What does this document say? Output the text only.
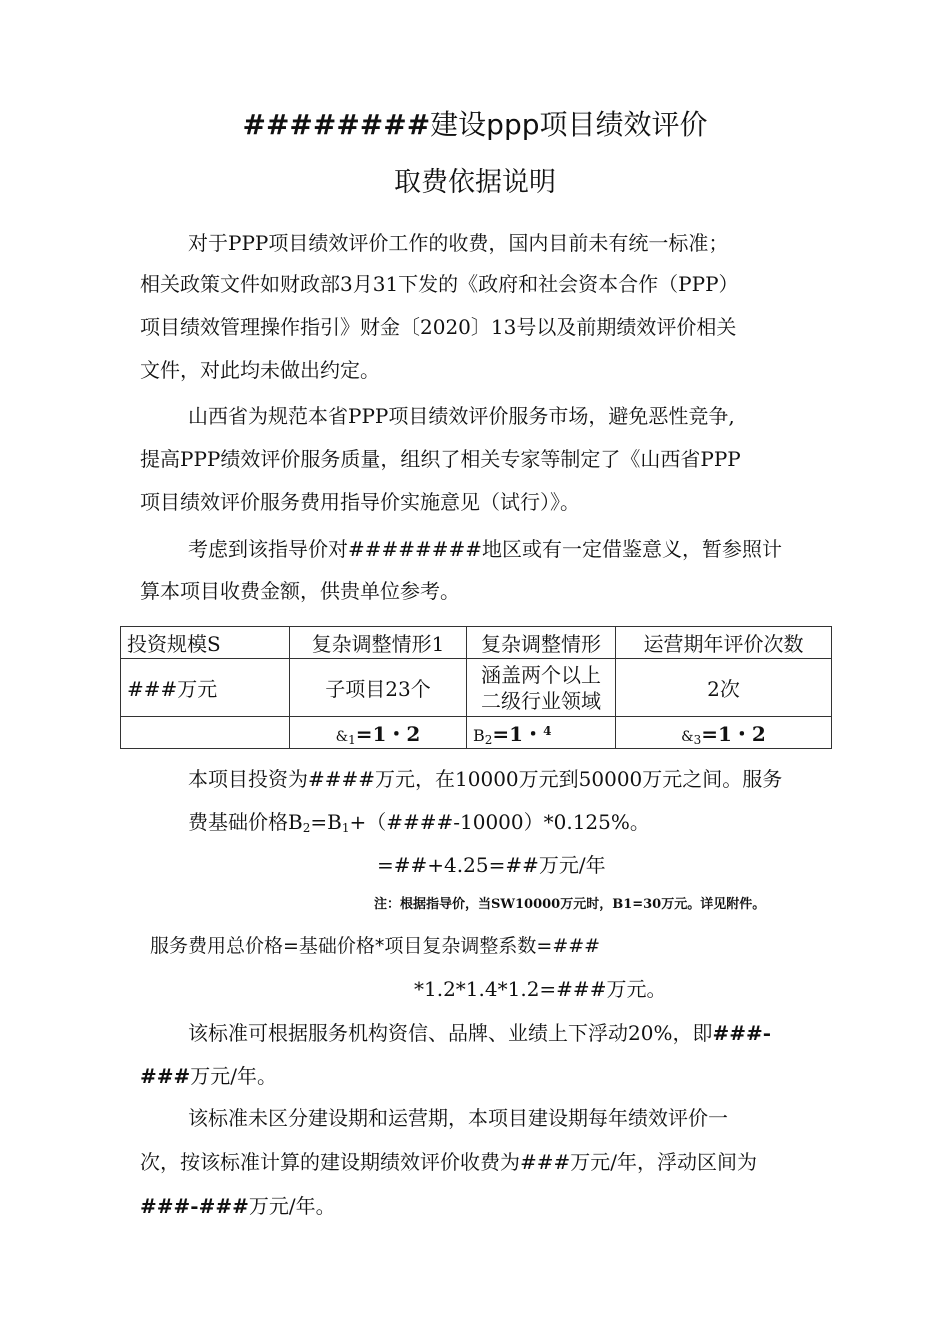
########建设ppp项目绩效评价
取费依据说明
对于PPP项目绩效评价工作的收费，国内目前未有统一标准；
相关政策文件如财政部3月31下发的《政府和社会资本合作（PPP）
项目绩效管理操作指引》财金〔2020〕13号以及前期绩效评价相关
文件，对此均未做出约定。
山西省为规范本省PPP项目绩效评价服务市场，避免恶性竞争,
提高PPP绩效评价服务质量，组织了相关专家等制定了《山西省PPP
项目绩效评价服务费用指导价实施意见（试行）》。
考虑到该指导价对########地区或有一定借鉴意义，暂参照计
算本项目收费金额，供贵单位参考。
投资规模S	复杂调整情形1	复杂调整情形	运营期年评价次数
###万元	子项目23个	涵盖两个以上
二级行业领域	2次
	$\&_1=1$・2	$B_2=1$・$^4$	$\&_3=1$・2
本项目投资为####万元，在10000万元到50000万元之间。服务
费基础价格$B_2=B_1+(\#\#\#\#-10000)*0.125\%$。
=##+4.25=##万元/年
注：根据指导价，当SW10000万元时，B1=30万元。详见附件。
服务费用总价格=基础价格*项目复杂调整系数=###
*1.2*1.4*1.2=###万元。
该标准可根据服务机构资信、品牌、业绩上下浮动20%，即###-
###万元/年。
该标准未区分建设期和运营期，本项目建设期每年绩效评价一
次，按该标准计算的建设期绩效评价收费为###万元/年，浮动区间为
###-###万元/年。
